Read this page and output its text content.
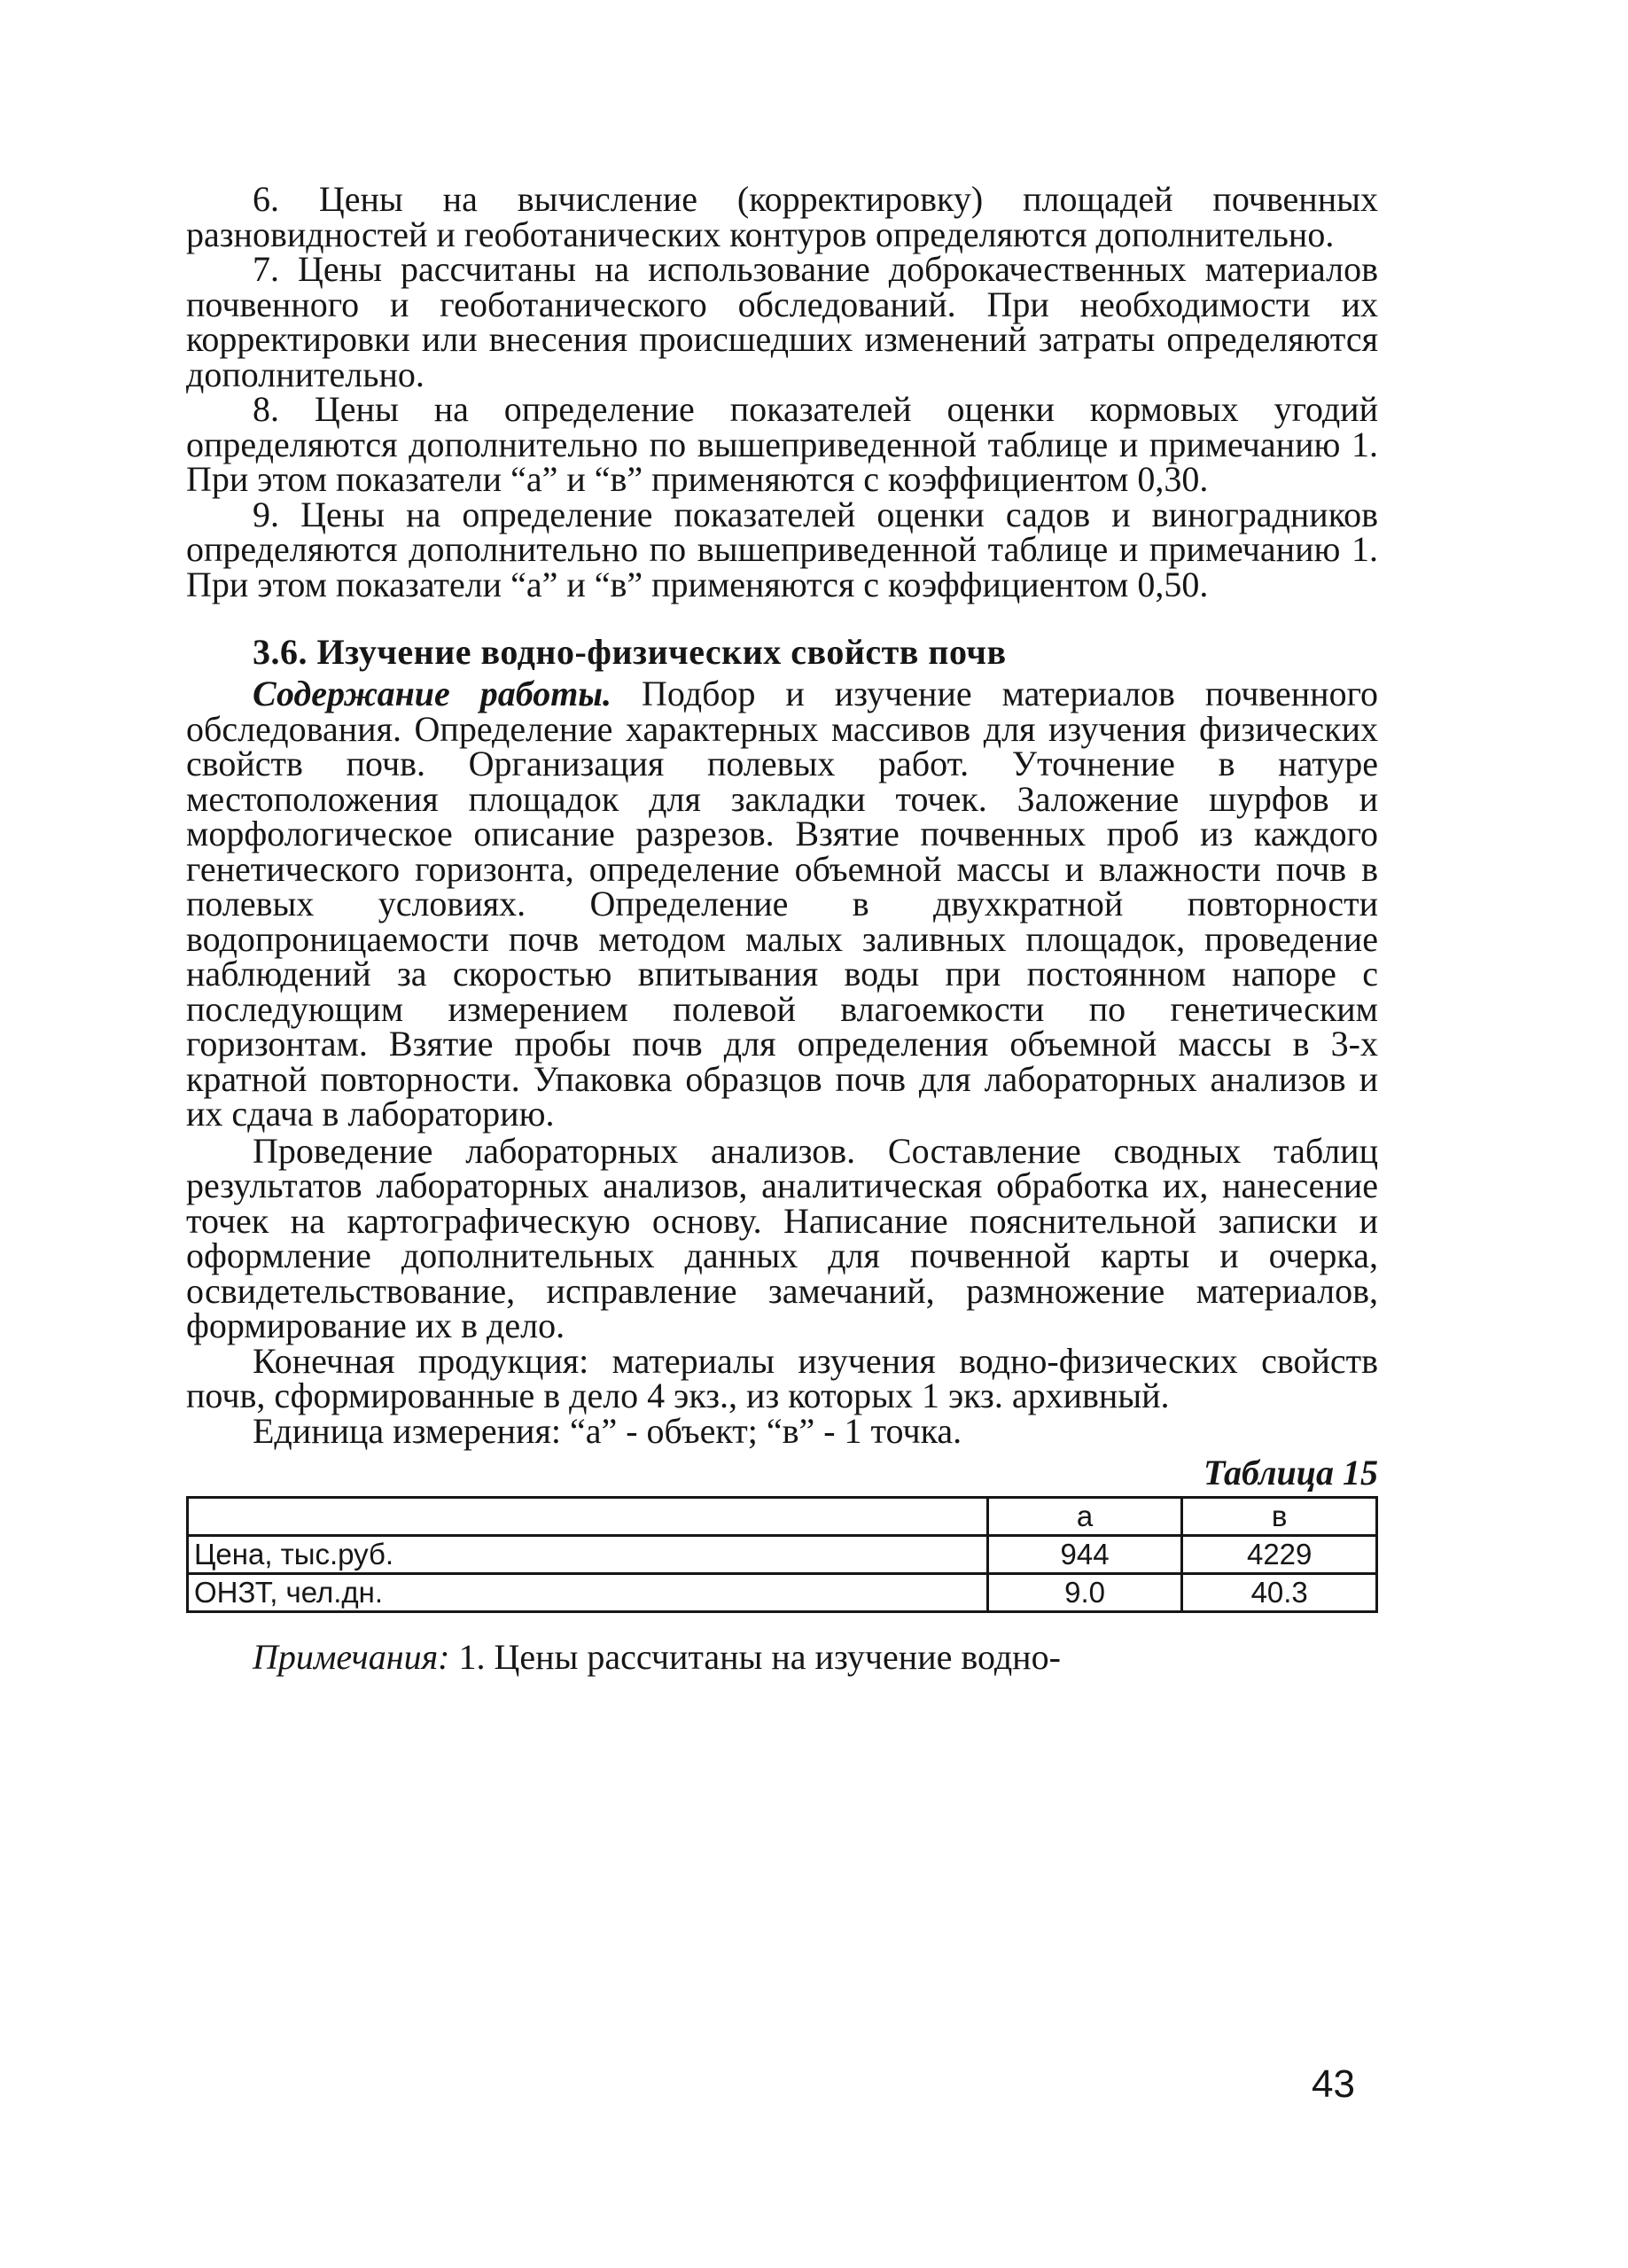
6. Цены на вычисление (корректировку) площадей почвенных разновидностей и геоботанических контуров определяются дополнительно.

7. Цены рассчитаны на использование доброкачественных материалов почвенного и геоботанического обследований. При необходимости их корректировки или внесения происшедших изменений затраты определяются дополнительно.

8. Цены на определение показателей оценки кормовых угодий определяются дополнительно по вышеприведенной таблице и примечанию 1. При этом показатели “а” и “в” применяются с коэффициентом 0,30.

9. Цены на определение показателей оценки садов и виноградников определяются дополнительно по вышеприведенной таблице и примечанию 1. При этом показатели “а” и “в” применяются с коэффициентом 0,50.

3.6. Изучение водно-физических свойств почв

Содержание работы. Подбор и изучение материалов почвенного обследования. Определение характерных массивов для изучения физических свойств почв. Организация полевых работ. Уточнение в натуре местоположения площадок для закладки точек. Заложение шурфов и морфологическое описание разрезов. Взятие почвенных проб из каждого генетического горизонта, определение объемной массы и влажности почв в полевых условиях. Определение в двухкратной повторности водопроницаемости почв методом малых заливных площадок, проведение наблюдений за скоростью впитывания воды при постоянном напоре с последующим измерением полевой влагоемкости по генетическим горизонтам. Взятие пробы почв для определения объемной массы в 3-х кратной повторности. Упаковка образцов почв для лабораторных анализов и их сдача в лабораторию.

Проведение лабораторных анализов. Составление сводных таблиц результатов лабораторных анализов, аналитическая обработка их, нанесение точек на картографическую основу. Написание пояснительной записки и оформление дополнительных данных для почвенной карты и очерка, освидетельствование, исправление замечаний, размножение материалов, формирование их в дело.

Конечная продукция: материалы изучения водно-физических свойств почв, сформированные в дело 4 экз., из которых 1 экз. архивный.

Единица измерения: “а” - объект; “в” - 1 точка.

Таблица 15
	а	в
Цена, тыс.руб.	944	4229
ОНЗТ, чел.дн.	9.0	40.3

Примечания: 1. Цены рассчитаны на изучение водно-

43
